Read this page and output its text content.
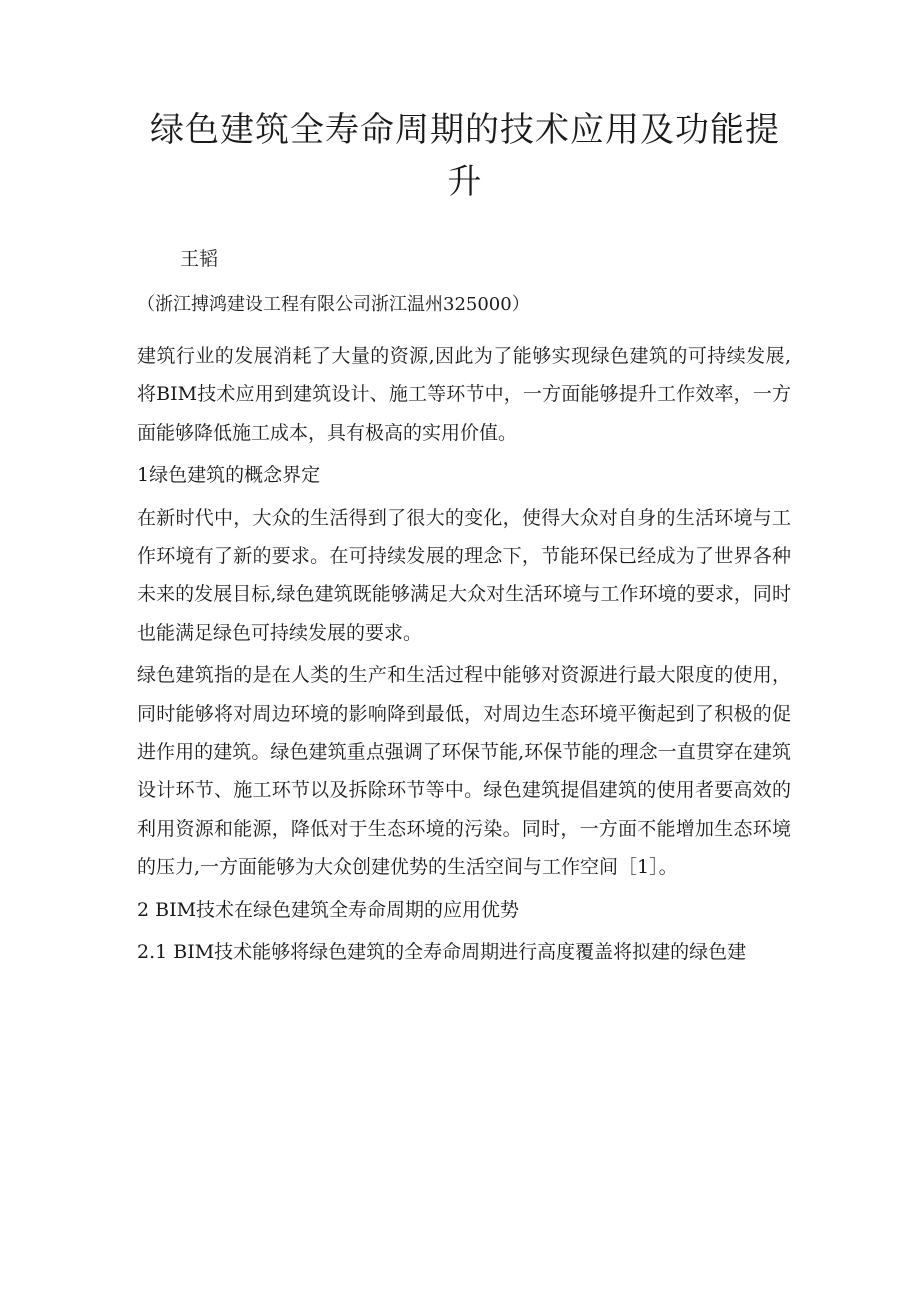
绿色建筑全寿命周期的技术应用及功能提升

王韬

（浙江搏鸿建设工程有限公司浙江温州325000）

建筑行业的发展消耗了大量的资源,因此为了能够实现绿色建筑的可持续发展,将BIM技术应用到建筑设计、施工等环节中，一方面能够提升工作效率，一方面能够降低施工成本，具有极高的实用价值。

1绿色建筑的概念界定

在新时代中，大众的生活得到了很大的变化，使得大众对自身的生活环境与工作环境有了新的要求。在可持续发展的理念下，节能环保已经成为了世界各种未来的发展目标,绿色建筑既能够满足大众对生活环境与工作环境的要求，同时也能满足绿色可持续发展的要求。

绿色建筑指的是在人类的生产和生活过程中能够对资源进行最大限度的使用，同时能够将对周边环境的影响降到最低，对周边生态环境平衡起到了积极的促进作用的建筑。绿色建筑重点强调了环保节能,环保节能的理念一直贯穿在建筑设计环节、施工环节以及拆除环节等中。绿色建筑提倡建筑的使用者要高效的利用资源和能源，降低对于生态环境的污染。同时，一方面不能增加生态环境的压力,一方面能够为大众创建优势的生活空间与工作空间［1］。

2 BIM技术在绿色建筑全寿命周期的应用优势
2.1 BIM技术能够将绿色建筑的全寿命周期进行高度覆盖将拟建的绿色建
